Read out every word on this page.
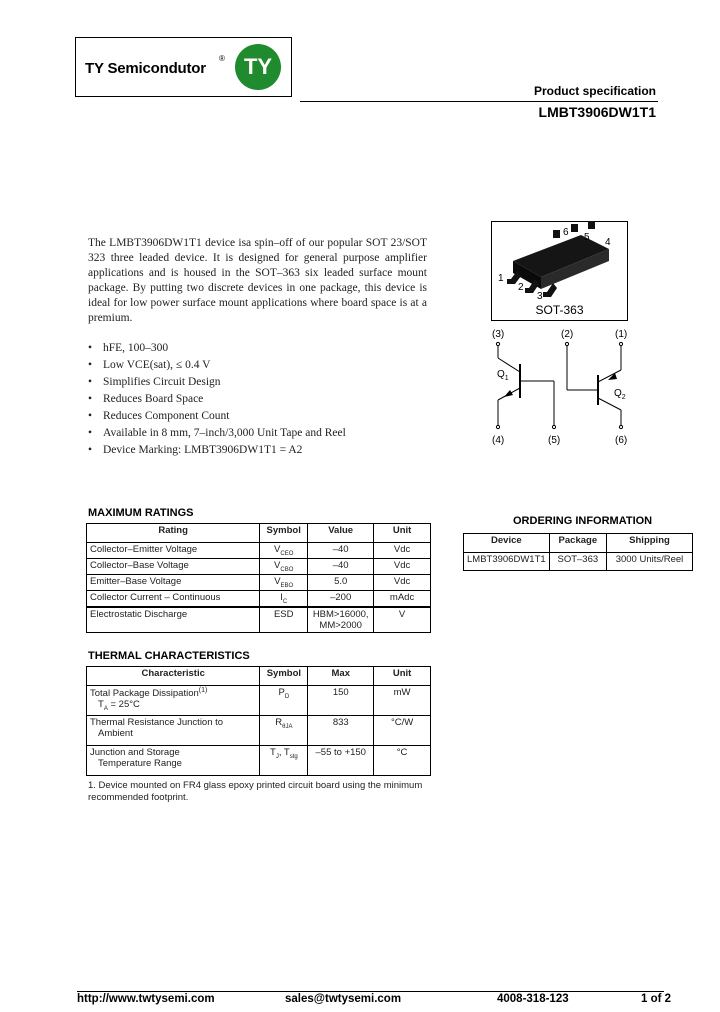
TY Semicondutor
® TY
Product specification
LMBT3906DW1T1
The LMBT3906DW1T1 device isa spin–off of our popular SOT 23/SOT 323 three leaded device. It is designed for general purpose amplifier applications and is housed in the SOT–363 six leaded surface mount package. By putting two discrete devices in one package, this device is ideal for low power surface mount applications where board space is at a premium.
• hFE, 100–300
• Low VCE(sat), ≤ 0.4 V
• Simplifies Circuit Design
• Reduces Board Space
• Reduces Component Count
• Available in 8 mm, 7–inch/3,000 Unit Tape and Reel
• Device Marking: LMBT3906DW1T1 = A2
6 5 4
1
2
3
SOT-363
(3)	(2)	(1)
(4)	(5)	(6)
$Q_1$
$Q_2$
MAXIMUM RATINGS
Rating	Symbol	Value	Unit
Collector–Emitter Voltage	$V_{CEO}$	–40	Vdc
Collector–Base Voltage	$V_{CBO}$	–40	Vdc
Emitter–Base Voltage	$V_{EBO}$	5.0	Vdc
Collector Current – Continuous	$I_C$	–200	mAdc
Electrostatic Discharge	ESD	HBM>16000,
MM>2000	V
THERMAL CHARACTERISTICS
Characteristic	Symbol	Max	Unit

Total Package Dissipation$^{(1)}$
$T_A = 25^\circ C$	$P_D$	150	mW

Thermal Resistance Junction to
Ambient	$R_{\theta JA}$	833	°C/W

Junction and Storage
Temperature Range	$T_J$, $T_{stg}$	–55 to +150	°C
1. Device mounted on FR4 glass epoxy printed circuit board using the minimum recommended footprint.
ORDERING INFORMATION
Device	Package	Shipping
LMBT3906DW1T1	SOT–363	3000 Units/Reel
http://www.twtysemi.com	sales@twtysemi.com	4008-318-123	1 of 2
